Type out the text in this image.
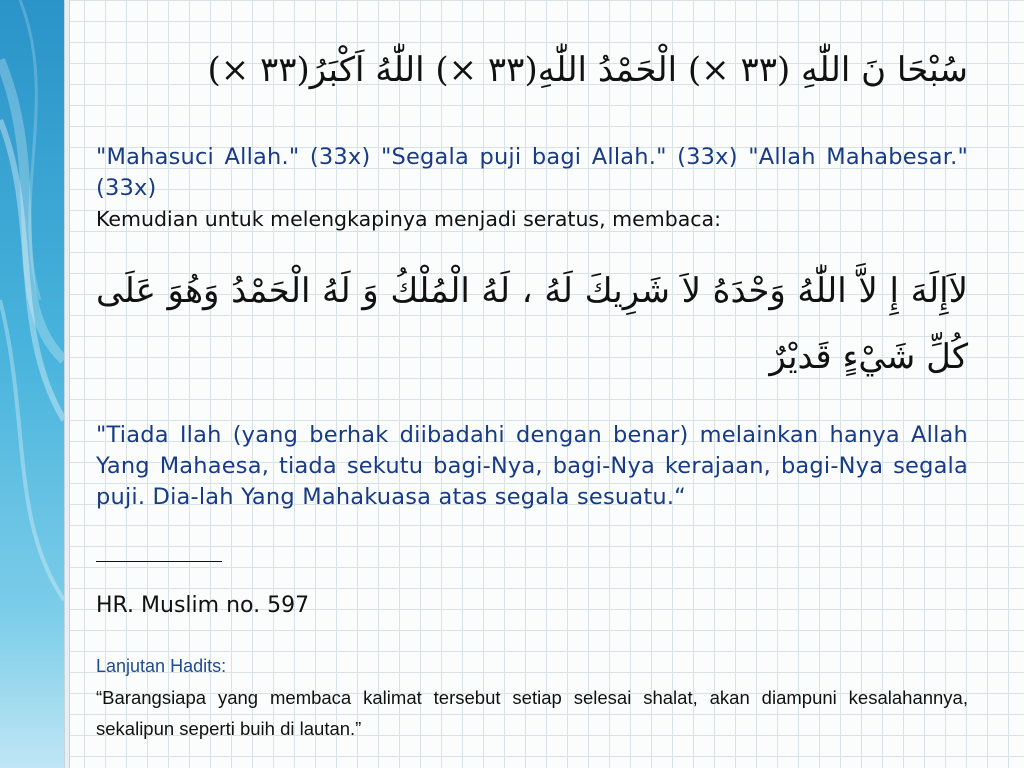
سُبْحَا نَ اللّٰهِ (٣٣ ×) الْحَمْدُ اللّٰهِ(٣٣ ×) اللّٰهُ اَكْبَرُ(٣٣ ×)

"Mahasuci Allah." (33x) "Segala puji bagi Allah." (33x) "Allah Mahabesar." (33x)

Kemudian untuk melengkapinya menjadi seratus, membaca:

لاَإِلَهَ إِ لاَّ اللّٰهُ وَحْدَهُ لاَ شَرِيكَ لَهُ ، لَهُ الْمُلْكُ وَ لَهُ الْحَمْدُ وَهُوَ عَلَى كُلِّ شَيْءٍ قَديْرٌ

"Tiada Ilah (yang berhak diibadahi dengan benar) melainkan hanya Allah Yang Mahaesa, tiada sekutu bagi-Nya, bagi-Nya kerajaan, bagi-Nya segala puji. Dia-lah Yang Mahakuasa atas segala sesuatu.“

HR. Muslim no. 597

Lanjutan Hadits:

“Barangsiapa yang membaca kalimat tersebut setiap selesai shalat, akan diampuni kesalahannya, sekalipun seperti buih di lautan.”
